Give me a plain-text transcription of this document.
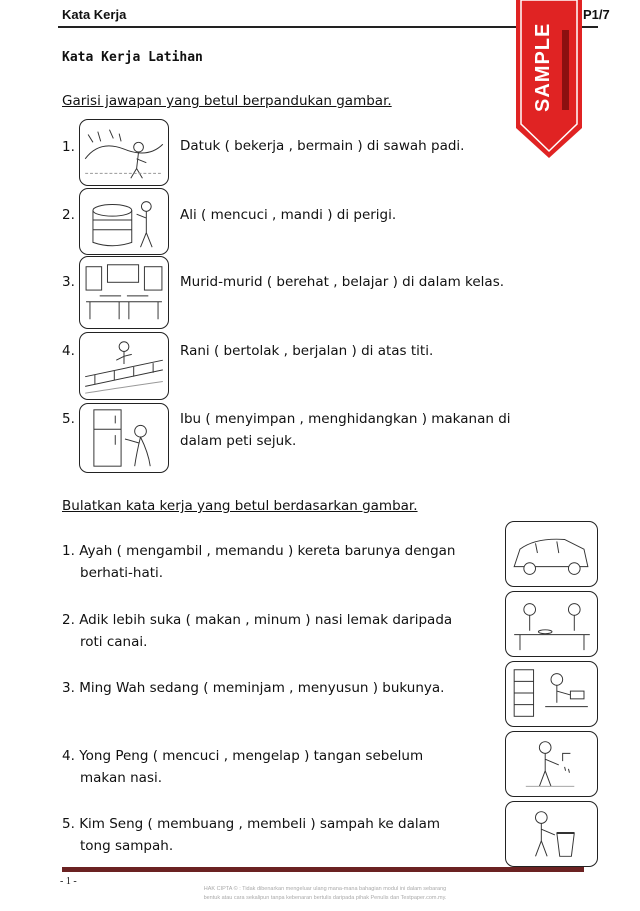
Kata Kerja	P1/7
SAMPLE
Kata Kerja Latihan
Garisi jawapan yang betul berpandukan gambar.
1.	Datuk ( bekerja , bermain ) di sawah padi.
2.	Ali ( mencuci , mandi ) di perigi.
3.	Murid-murid ( berehat , belajar ) di dalam kelas.
4.	Rani ( bertolak , berjalan ) di atas titi.
5.	Ibu ( menyimpan , menghidangkan ) makanan di
dalam peti sejuk.
Bulatkan kata kerja yang betul berdasarkan gambar.
1. Ayah ( mengambil , memandu ) kereta barunya dengan
berhati-hati.
2. Adik lebih suka ( makan , minum ) nasi lemak daripada
roti canai.
3. Ming Wah sedang ( meminjam , menyusun ) bukunya.
4. Yong Peng ( mencuci , mengelap ) tangan sebelum
makan nasi.
5. Kim Seng ( membuang , membeli ) sampah ke dalam
tong sampah.
- 1 -
HAK CIPTA © : Tidak dibenarkan mengeluar ulang mana-mana bahagian modul ini dalam sebarang
bentuk atau cara sekalipun tanpa kebenaran bertulis daripada pihak Penulis dan Testpaper.com.my.
